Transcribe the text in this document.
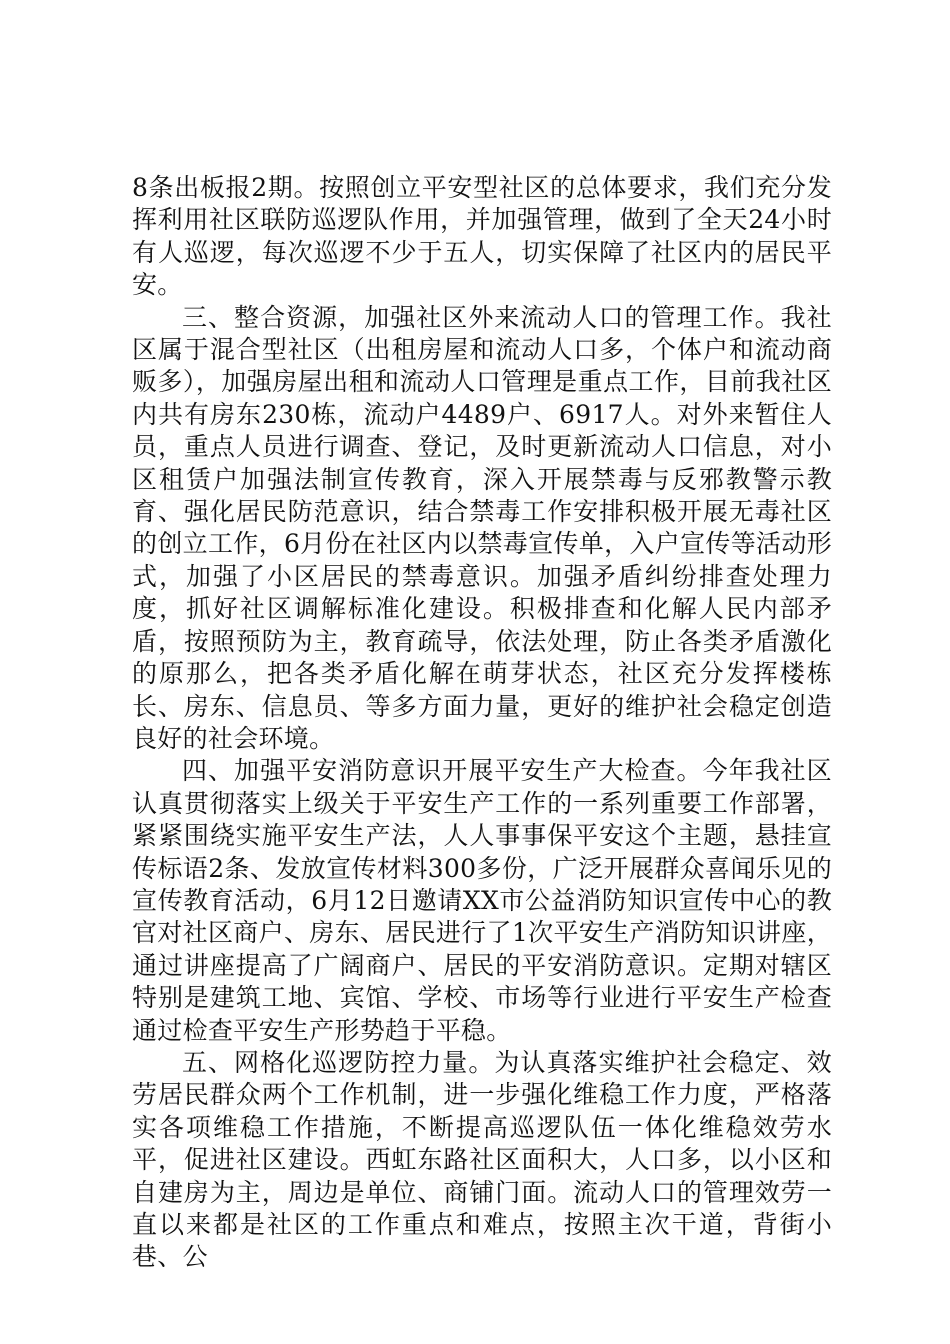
8条出板报2期。按照创立平安型社区的总体要求，我们充分发挥利用社区联防巡逻队作用，并加强管理，做到了全天24小时有人巡逻，每次巡逻不少于五人，切实保障了社区内的居民平安。

三、整合资源，加强社区外来流动人口的管理工作。我社区属于混合型社区（出租房屋和流动人口多，个体户和流动商贩多），加强房屋出租和流动人口管理是重点工作，目前我社区内共有房东230栋，流动户4489户、6917人。对外来暂住人员，重点人员进行调查、登记，及时更新流动人口信息，对小区租赁户加强法制宣传教育，深入开展禁毒与反邪教警示教育、强化居民防范意识，结合禁毒工作安排积极开展无毒社区的创立工作，6月份在社区内以禁毒宣传单，入户宣传等活动形式，加强了小区居民的禁毒意识。加强矛盾纠纷排查处理力度，抓好社区调解标准化建设。积极排查和化解人民内部矛盾，按照预防为主，教育疏导，依法处理，防止各类矛盾激化的原那么，把各类矛盾化解在萌芽状态，社区充分发挥楼栋长、房东、信息员、等多方面力量，更好的维护社会稳定创造良好的社会环境。

四、加强平安消防意识开展平安生产大检查。今年我社区认真贯彻落实上级关于平安生产工作的一系列重要工作部署，紧紧围绕实施平安生产法，人人事事保平安这个主题，悬挂宣传标语2条、发放宣传材料300多份，广泛开展群众喜闻乐见的宣传教育活动，6月12日邀请XX市公益消防知识宣传中心的教官对社区商户、房东、居民进行了1次平安生产消防知识讲座，通过讲座提高了广阔商户、居民的平安消防意识。定期对辖区特别是建筑工地、宾馆、学校、市场等行业进行平安生产检查通过检查平安生产形势趋于平稳。

五、网格化巡逻防控力量。为认真落实维护社会稳定、效劳居民群众两个工作机制，进一步强化维稳工作力度，严格落实各项维稳工作措施，不断提高巡逻队伍一体化维稳效劳水平，促进社区建设。西虹东路社区面积大，人口多，以小区和自建房为主，周边是单位、商铺门面。流动人口的管理效劳一直以来都是社区的工作重点和难点，按照主次干道，背街小巷、公
